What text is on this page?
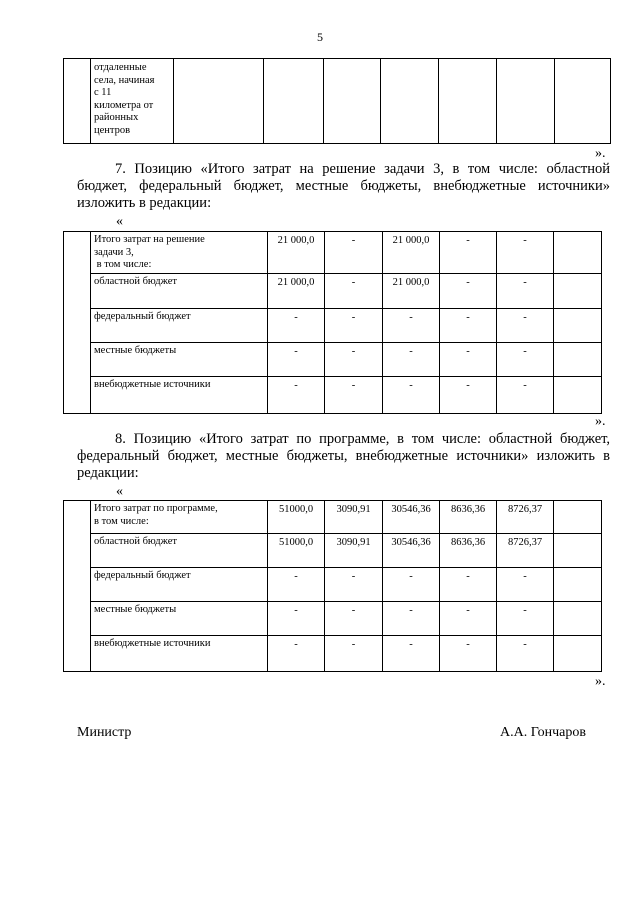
5

отдаленные
села, начиная
с 11
километра от
районных
центров

».
7. Позицию «Итого затрат на решение задачи 3, в том числе: областной
бюджет, федеральный бюджет, местные бюджеты, внебюджетные источники»
изложить в редакции:
«

	Итого затрат на решение
задачи 3,
в том числе:	21 000,0	-	21 000,0	-	-	
	областной бюджет	21 000,0	-	21 000,0	-	-	
	федеральный бюджет	-	-	-	-	-	
	местные бюджеты	-	-	-	-	-	
	внебюджетные источники	-	-	-	-	-	
».
8. Позицию «Итого затрат по программе, в том числе: областной бюджет,
федеральный бюджет, местные бюджеты, внебюджетные источники» изложить в
редакции:
«

	Итого затрат по программе,
в том числе:	51000,0	3090,91	30546,36	8636,36	8726,37	
	областной бюджет	51000,0	3090,91	30546,36	8636,36	8726,37	
	федеральный бюджет	-	-	-	-	-	
	местные бюджеты	-	-	-	-	-	
	внебюджетные источники	-	-	-	-	-	
».
Министр	А.А. Гончаров
